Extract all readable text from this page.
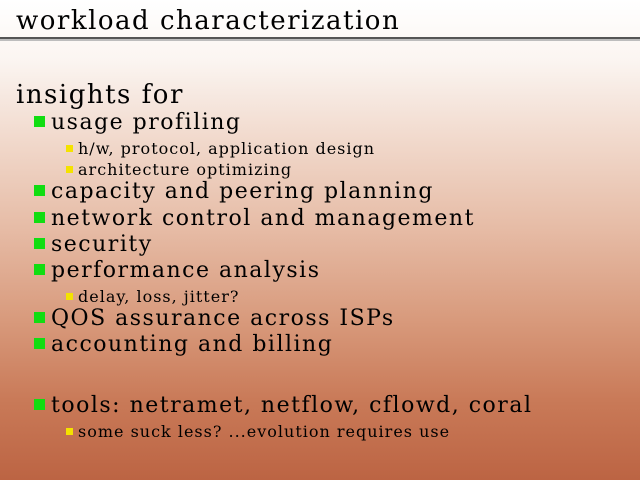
workload characterization
insights for
usage profiling
h/w, protocol, application design
architecture optimizing
capacity and peering planning
network control and management
security
performance analysis
delay, loss, jitter?
QOS assurance across ISPs
accounting and billing
tools: netramet, netflow, cflowd, coral
some suck less? ...evolution requires use
